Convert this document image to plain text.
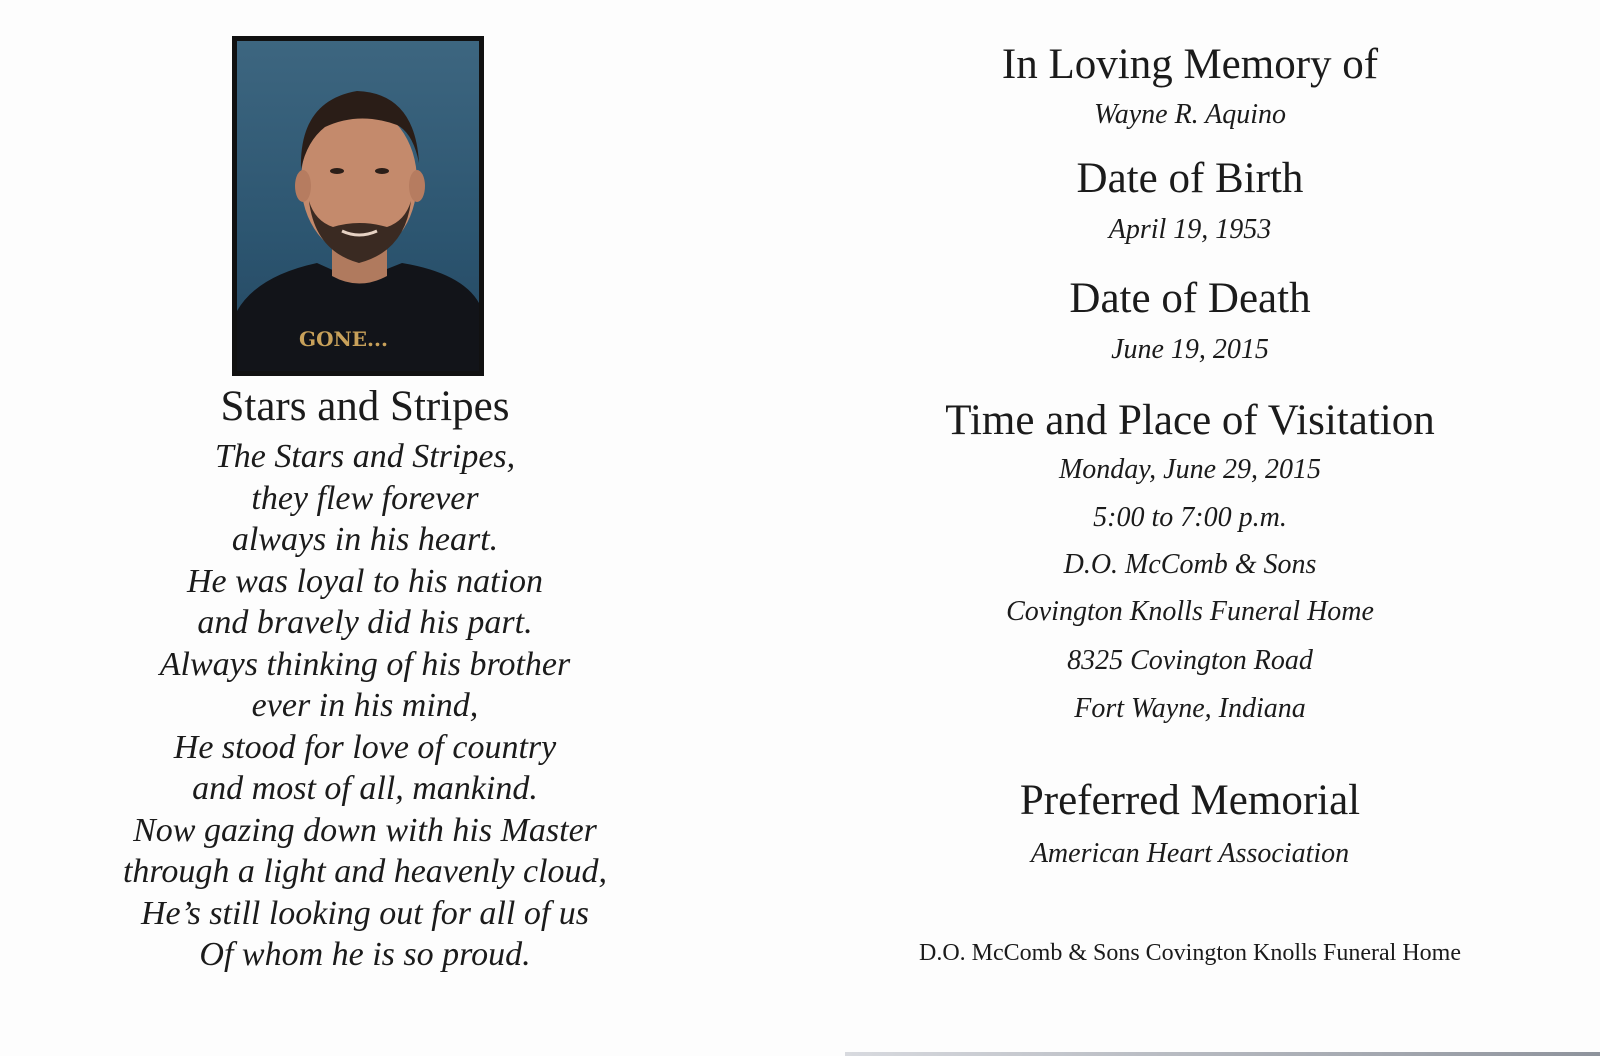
GONE...
Stars and Stripes
The Stars and Stripes,
they flew forever
always in his heart.
He was loyal to his nation
and bravely did his part.
Always thinking of his brother
ever in his mind,
He stood for love of country
and most of all, mankind.
Now gazing down with his Master
through a light and heavenly cloud,
He’s still looking out for all of us
Of whom he is so proud.
In Loving Memory of
Wayne R. Aquino
Date of Birth
April 19, 1953
Date of Death
June 19, 2015
Time and Place of Visitation
Monday, June 29, 2015
5:00 to 7:00 p.m.
D.O. McComb & Sons
Covington Knolls Funeral Home
8325 Covington Road
Fort Wayne, Indiana
Preferred Memorial
American Heart Association
D.O. McComb & Sons Covington Knolls Funeral Home
